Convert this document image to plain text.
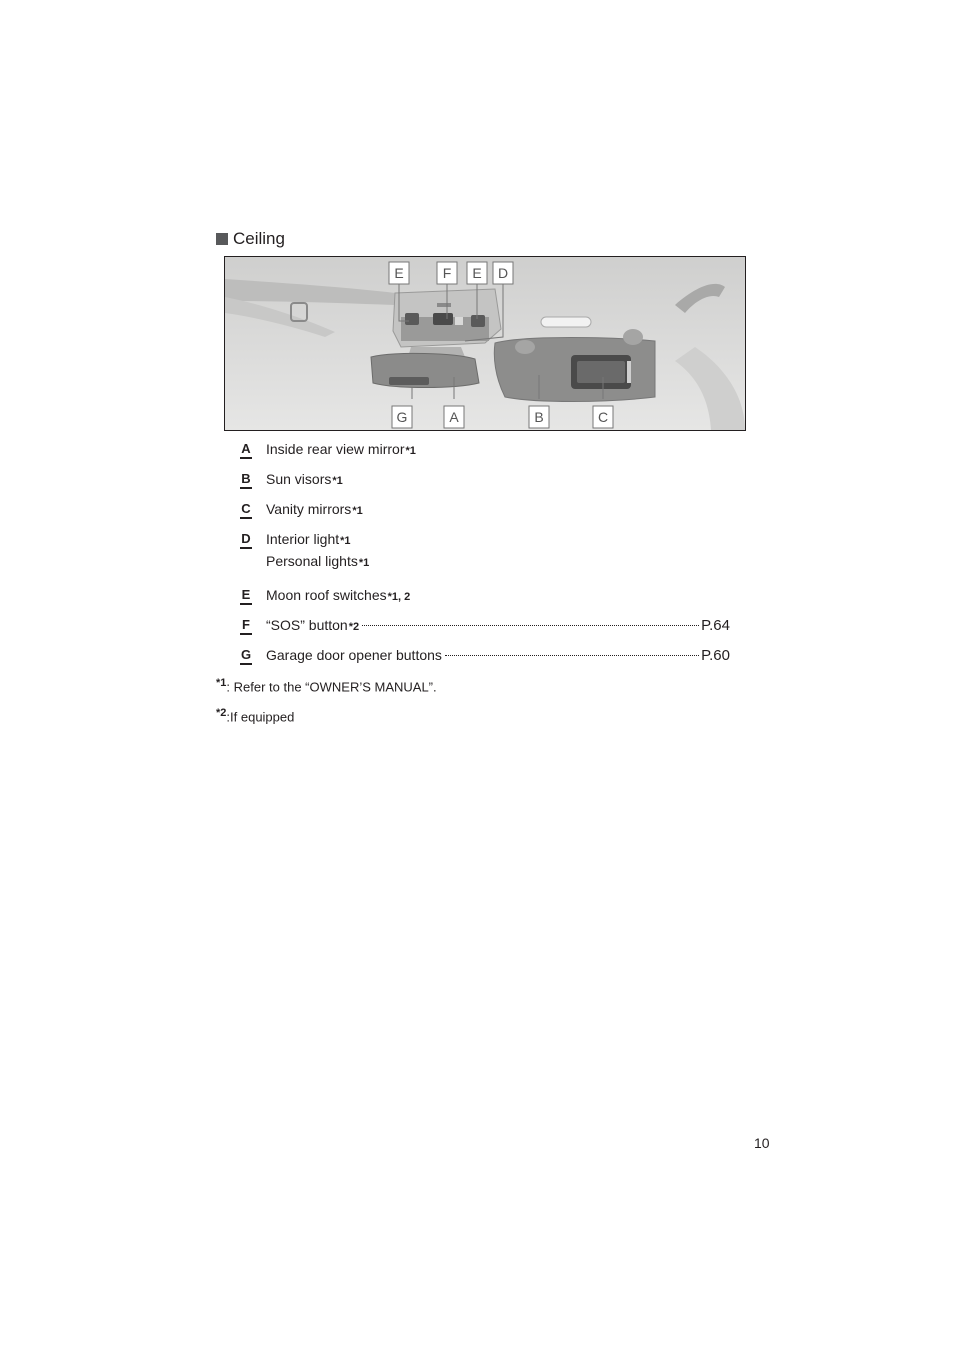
Ceiling
E	F E D
G	A	B	C
A Inside rear view mirror *1
B Sun visors *1
C Vanity mirrors *1
D Interior light *1
Personal lights *1
E Moon roof switches *1, 2
F “SOS” button *2	P.64
G Garage door opener buttons	P.60
$^{*1}$: Refer to the “OWNER’S MANUAL”.
$^{*2}$:If equipped
10
